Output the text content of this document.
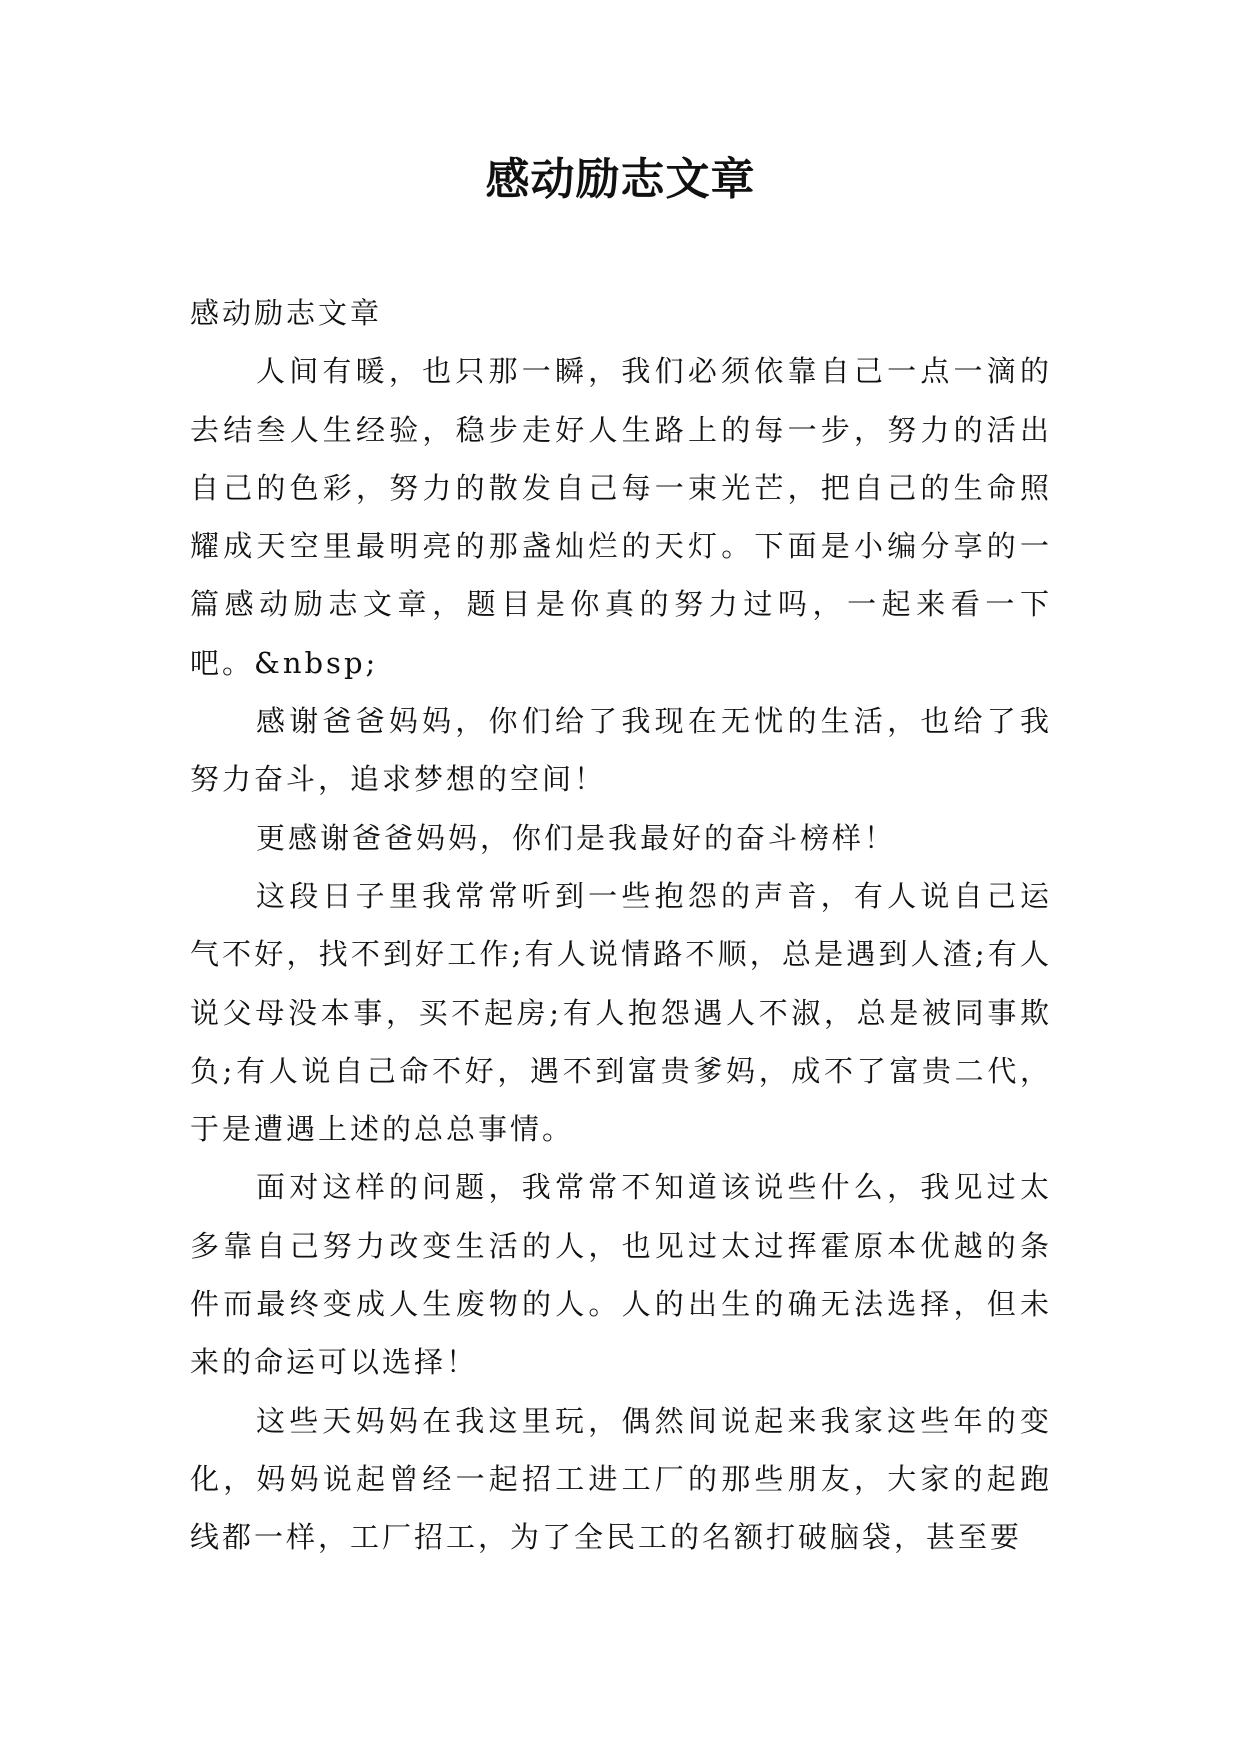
感动励志文章

感动励志文章

人间有暖，也只那一瞬，我们必须依靠自己一点一滴的去结叁人生经验，稳步走好人生路上的每一步，努力的活出自己的色彩，努力的散发自己每一束光芒，把自己的生命照耀成天空里最明亮的那盏灿烂的天灯。下面是小编分享的一篇感动励志文章，题目是你真的努力过吗，一起来看一下吧。&nbsp;

感谢爸爸妈妈，你们给了我现在无忧的生活，也给了我努力奋斗，追求梦想的空间！

更感谢爸爸妈妈，你们是我最好的奋斗榜样！

这段日子里我常常听到一些抱怨的声音，有人说自己运气不好，找不到好工作;有人说情路不顺，总是遇到人渣;有人说父母没本事，买不起房;有人抱怨遇人不淑，总是被同事欺负;有人说自己命不好，遇不到富贵爹妈，成不了富贵二代，于是遭遇上述的总总事情。

面对这样的问题，我常常不知道该说些什么，我见过太多靠自己努力改变生活的人，也见过太过挥霍原本优越的条件而最终变成人生废物的人。人的出生的确无法选择，但未来的命运可以选择！

这些天妈妈在我这里玩，偶然间说起来我家这些年的变化，妈妈说起曾经一起招工进工厂的那些朋友，大家的起跑线都一样，工厂招工，为了全民工的名额打破脑袋，甚至要
